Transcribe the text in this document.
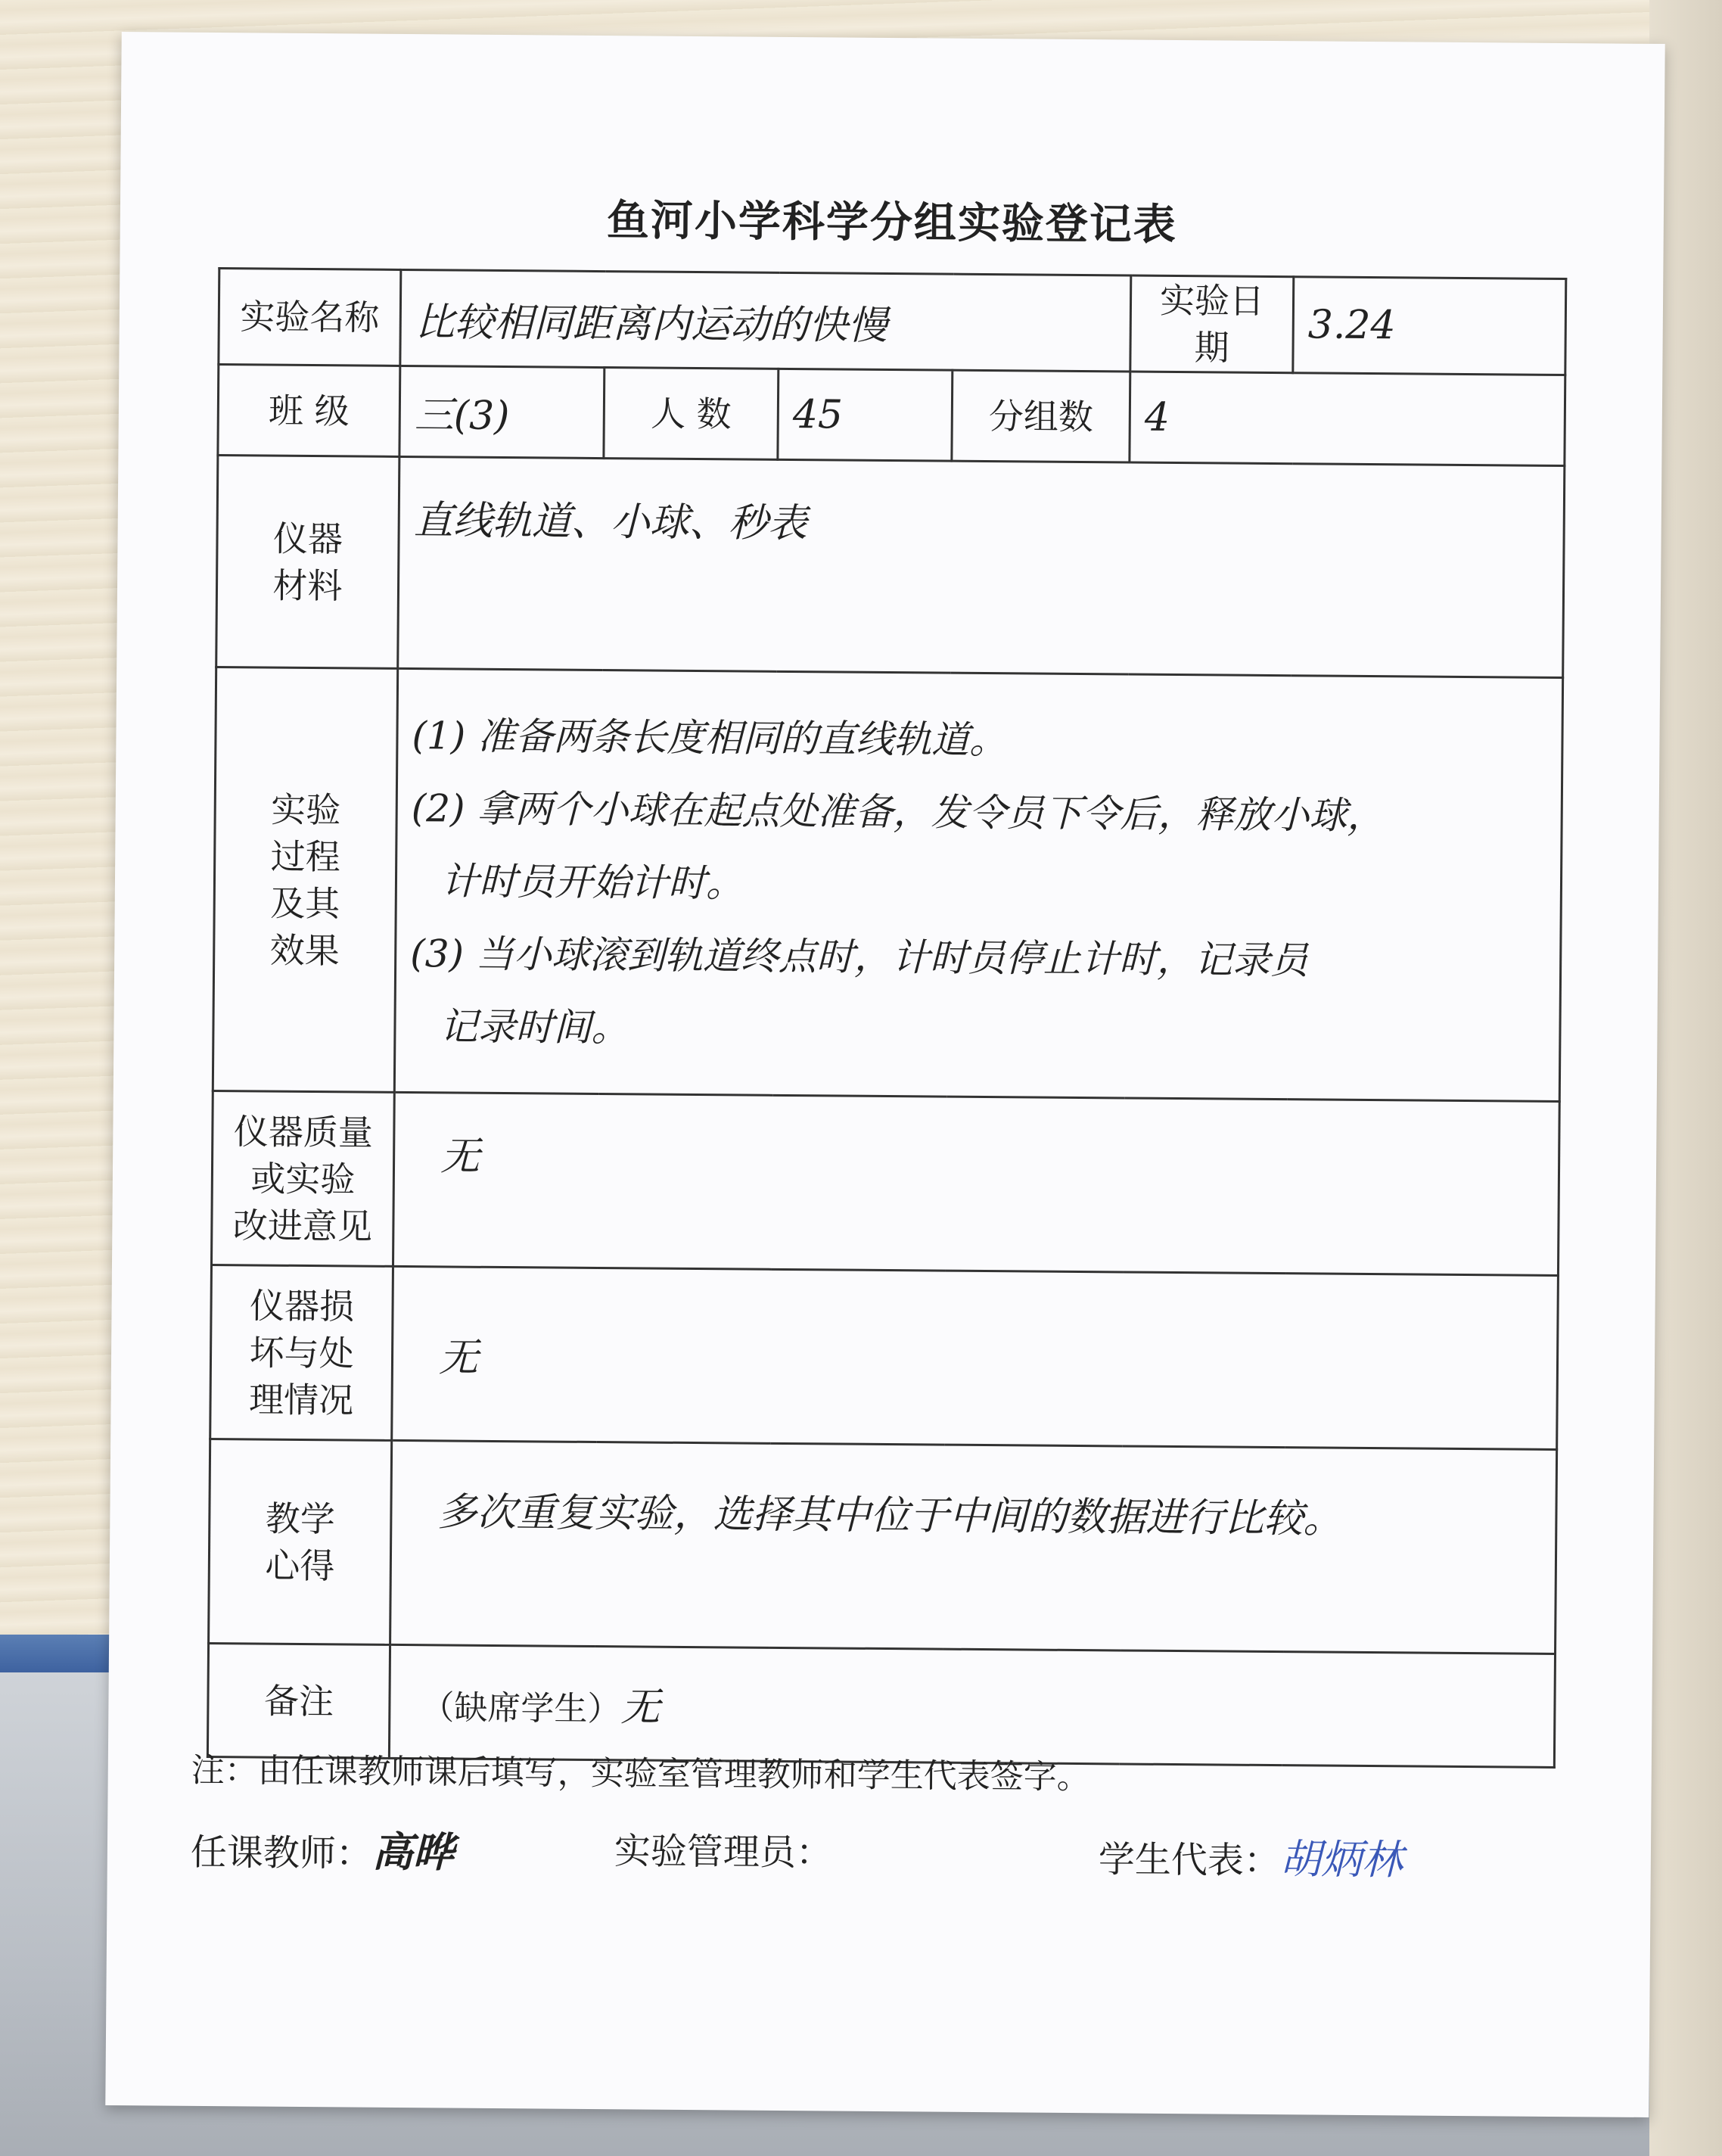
鱼河小学科学分组实验登记表
实验名称	比较相同距离内运动的快慢				实验日期	3.24
班 级	三(3)	人 数	45	分组数	4	

仪器
材料	直线轨道、小球、秒表					

实验
过程
及其
效果	(1) 准备两条长度相同的直线轨道。
(2) 拿两个小球在起点处准备，发令员下令后，释放小球，
计时员开始计时。
(3) 当小球滚到轨道终点时，计时员停止计时，记录员
记录时间。					

仪器质量
或实验
改进意见	无					

仪器损
坏与处
理情况	无					

教学
心得	多次重复实验，选择其中位于中间的数据进行比较。					
备注	（缺席学生）无					
注：由任课教师课后填写，实验室管理教师和学生代表签字。
任课教师：高晔	实验管理员：	学生代表：胡炳林
